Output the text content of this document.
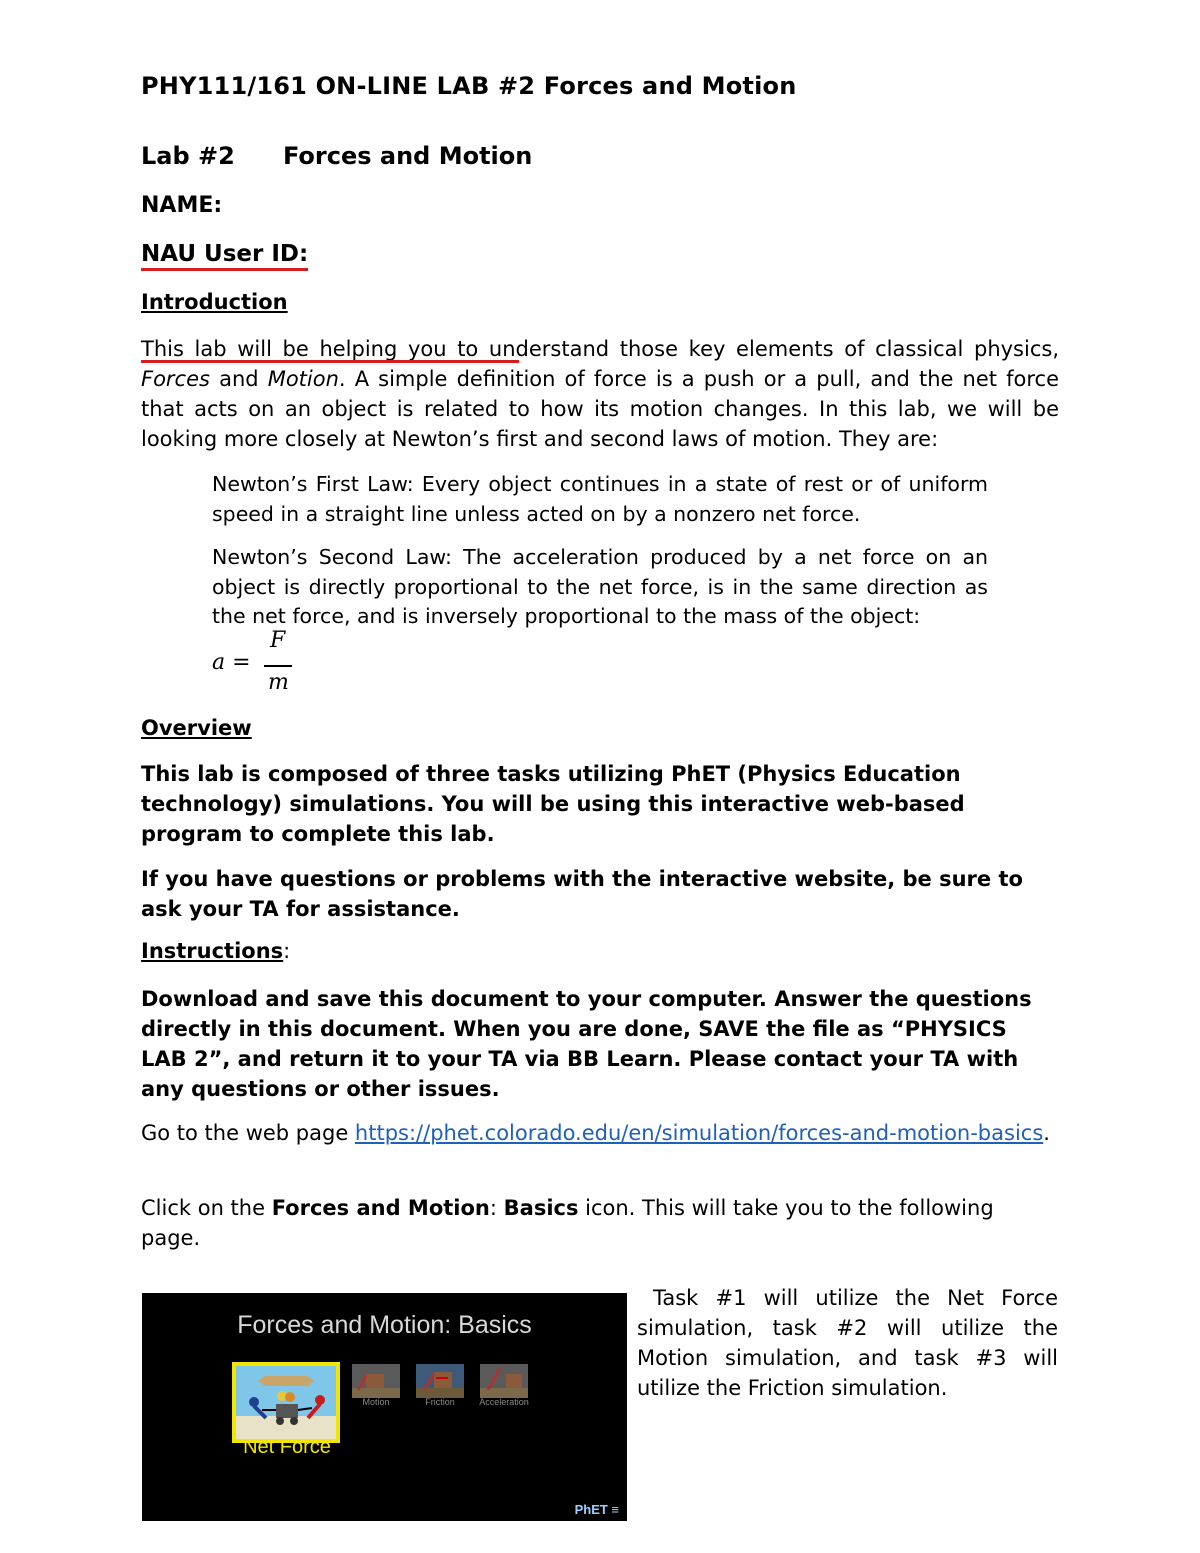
PHY111/161 ON-LINE LAB #2 Forces and Motion
Lab #2 Forces and Motion
NAME:
NAU User ID:
Introduction
This lab will be helping you to understand those key elements of classical physics, Forces and Motion. A simple definition of force is a push or a pull, and the net force that acts on an object is related to how its motion changes. In this lab, we will be looking more closely at Newton’s first and second laws of motion. They are:
Newton’s First Law: Every object continues in a state of rest or of uniform speed in a straight line unless acted on by a nonzero net force.
Newton’s Second Law: The acceleration produced by a net force on an object is directly proportional to the net force, is in the same direction as the net force, and is inversely proportional to the mass of the object:
a =
F
m
Overview
This lab is composed of three tasks utilizing PhET (Physics Education technology) simulations. You will be using this interactive web-based program to complete this lab.
If you have questions or problems with the interactive website, be sure to ask your TA for assistance.
Instructions:
Download and save this document to your computer. Answer the questions directly in this document. When you are done, SAVE the file as “PHYSICS LAB 2”, and return it to your TA via BB Learn. Please contact your TA with any questions or other issues.
Go to the web page https://phet.colorado.edu/en/simulation/forces-and-motion-basics.
Click on the Forces and Motion: Basics icon. This will take you to the following page.
Forces and Motion: Basics
Net Force
Motion	Friction	Acceleration
PhET ≡
Task #1 will utilize the Net Force simulation, task #2 will utilize the Motion simulation, and task #3 will utilize the Friction simulation.
